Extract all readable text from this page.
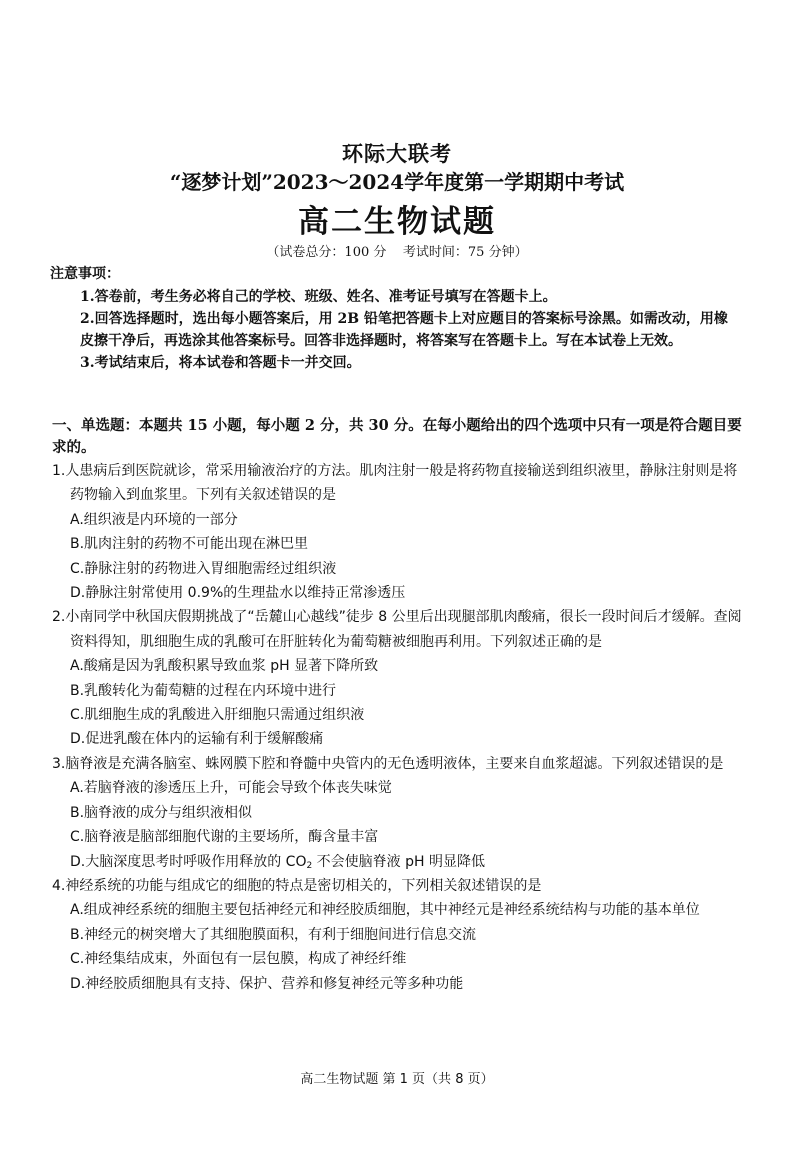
环际大联考
“逐梦计划”2023～2024学年度第一学期期中考试
高二生物试题
（试卷总分：100 分    考试时间：75 分钟）
注意事项：

1.答卷前，考生务必将自己的学校、班级、姓名、准考证号填写在答题卡上。

2.回答选择题时，选出每小题答案后，用 2B 铅笔把答题卡上对应题目的答案标号涂黑。如需改动，用橡皮擦干净后，再选涂其他答案标号。回答非选择题时，将答案写在答题卡上。写在本试卷上无效。

3.考试结束后，将本试卷和答题卡一并交回。

一、单选题：本题共 15 小题，每小题 2 分，共 30 分。在每小题给出的四个选项中只有一项是符合题目要求的。

1.人患病后到医院就诊，常采用输液治疗的方法。肌肉注射一般是将药物直接输送到组织液里，静脉注射则是将药物输入到血浆里。下列有关叙述错误的是

A.组织液是内环境的一部分

B.肌肉注射的药物不可能出现在淋巴里

C.静脉注射的药物进入胃细胞需经过组织液

D.静脉注射常使用 0.9%的生理盐水以维持正常渗透压

2.小南同学中秋国庆假期挑战了“岳麓山心越线”徒步 8 公里后出现腿部肌肉酸痛，很长一段时间后才缓解。查阅资料得知，肌细胞生成的乳酸可在肝脏转化为葡萄糖被细胞再利用。下列叙述正确的是

A.酸痛是因为乳酸积累导致血浆 pH 显著下降所致

B.乳酸转化为葡萄糖的过程在内环境中进行

C.肌细胞生成的乳酸进入肝细胞只需通过组织液

D.促进乳酸在体内的运输有利于缓解酸痛

3.脑脊液是充满各脑室、蛛网膜下腔和脊髓中央管内的无色透明液体，主要来自血浆超滤。下列叙述错误的是

A.若脑脊液的渗透压上升，可能会导致个体丧失味觉

B.脑脊液的成分与组织液相似

C.脑脊液是脑部细胞代谢的主要场所，酶含量丰富

D.大脑深度思考时呼吸作用释放的 $CO_2$ 不会使脑脊液 pH 明显降低

4.神经系统的功能与组成它的细胞的特点是密切相关的，下列相关叙述错误的是

A.组成神经系统的细胞主要包括神经元和神经胶质细胞，其中神经元是神经系统结构与功能的基本单位

B.神经元的树突增大了其细胞膜面积，有利于细胞间进行信息交流

C.神经集结成束，外面包有一层包膜，构成了神经纤维

D.神经胶质细胞具有支持、保护、营养和修复神经元等多种功能

高二生物试题 第 1 页（共 8 页）
